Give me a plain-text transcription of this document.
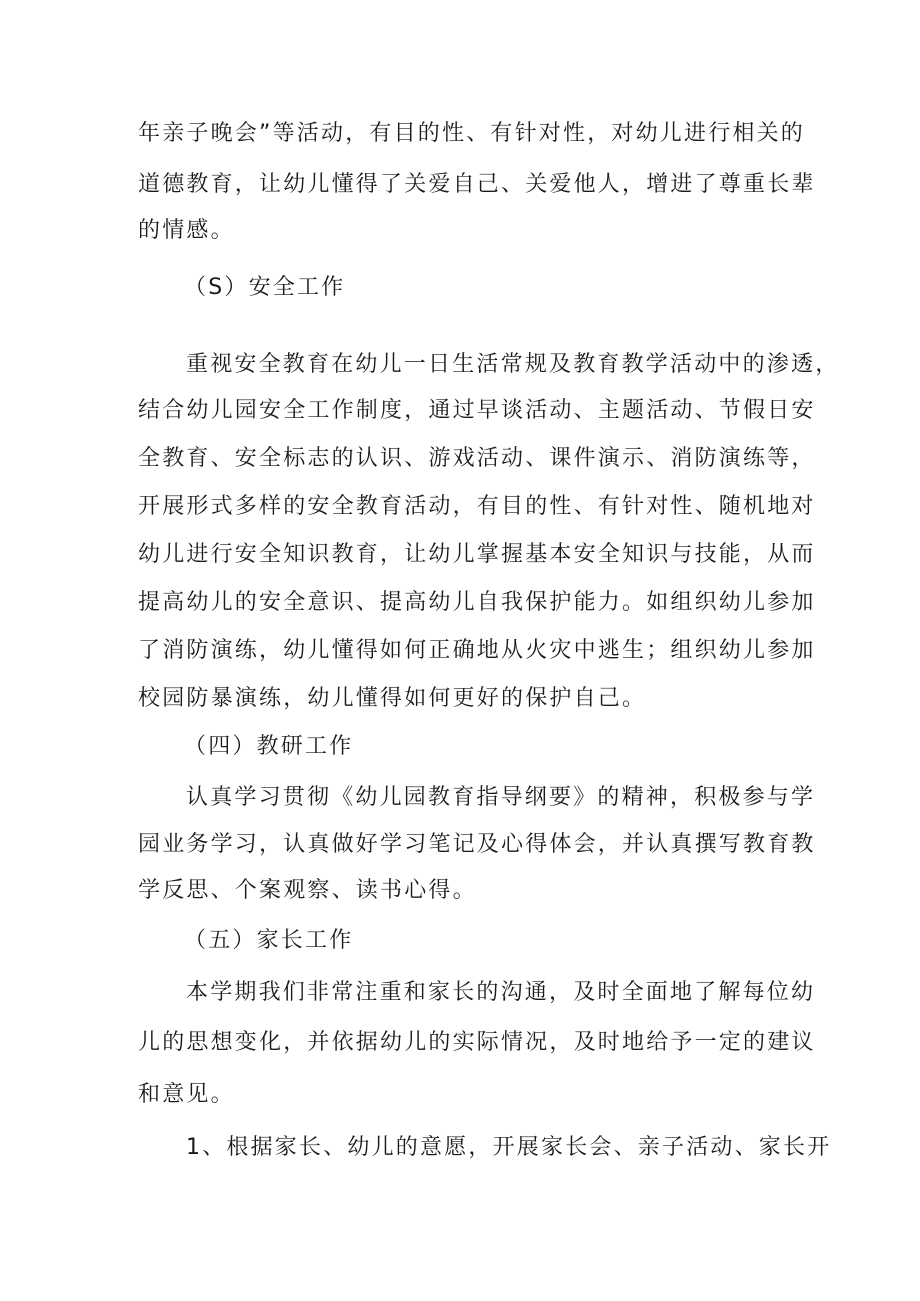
年亲子晚会”等活动，有目的性、有针对性，对幼儿进行相关的
道德教育，让幼儿懂得了关爱自己、关爱他人，增进了尊重长辈
的情感。
（S）安全工作
重视安全教育在幼儿一日生活常规及教育教学活动中的渗透，
结合幼儿园安全工作制度，通过早谈活动、主题活动、节假日安
全教育、安全标志的认识、游戏活动、课件演示、消防演练等，
开展形式多样的安全教育活动，有目的性、有针对性、随机地对
幼儿进行安全知识教育，让幼儿掌握基本安全知识与技能，从而
提高幼儿的安全意识、提高幼儿自我保护能力。如组织幼儿参加
了消防演练，幼儿懂得如何正确地从火灾中逃生；组织幼儿参加
校园防暴演练，幼儿懂得如何更好的保护自己。
（四）教研工作
认真学习贯彻《幼儿园教育指导纲要》的精神，积极参与学
园业务学习，认真做好学习笔记及心得体会，并认真撰写教育教
学反思、个案观察、读书心得。
（五）家长工作
本学期我们非常注重和家长的沟通，及时全面地了解每位幼
儿的思想变化，并依据幼儿的实际情况，及时地给予一定的建议
和意见。
1、根据家长、幼儿的意愿，开展家长会、亲子活动、家长开
